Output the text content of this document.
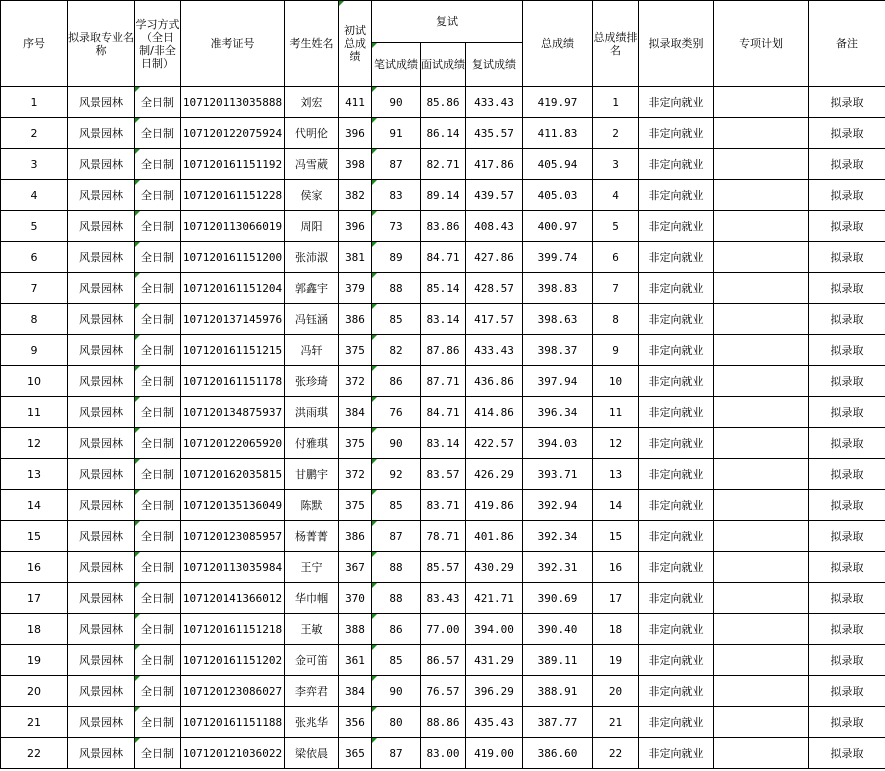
序号	拟录取专业名称	学习方式（全日制/非全日制）	准考证号	考生姓名	初试总成绩	复试			总成绩	总成绩排名	拟录取类别	专项计划	备注
						笔试成绩	面试成绩	复试成绩					
1	风景园林	全日制	107120113035888	刘宏	411	90	85.86	433.43	419.97	1	非定向就业		拟录取
2	风景园林	全日制	107120122075924	代明伦	396	91	86.14	435.57	411.83	2	非定向就业		拟录取
3	风景园林	全日制	107120161151192	冯雪葳	398	87	82.71	417.86	405.94	3	非定向就业		拟录取
4	风景园林	全日制	107120161151228	侯家	382	83	89.14	439.57	405.03	4	非定向就业		拟录取
5	风景园林	全日制	107120113066019	周阳	396	73	83.86	408.43	400.97	5	非定向就业		拟录取
6	风景园林	全日制	107120161151200	张沛淑	381	89	84.71	427.86	399.74	6	非定向就业		拟录取
7	风景园林	全日制	107120161151204	郭鑫宇	379	88	85.14	428.57	398.83	7	非定向就业		拟录取
8	风景园林	全日制	107120137145976	冯钰涵	386	85	83.14	417.57	398.63	8	非定向就业		拟录取
9	风景园林	全日制	107120161151215	冯轩	375	82	87.86	433.43	398.37	9	非定向就业		拟录取
10	风景园林	全日制	107120161151178	张珍琦	372	86	87.71	436.86	397.94	10	非定向就业		拟录取
11	风景园林	全日制	107120134875937	洪雨琪	384	76	84.71	414.86	396.34	11	非定向就业		拟录取
12	风景园林	全日制	107120122065920	付雅琪	375	90	83.14	422.57	394.03	12	非定向就业		拟录取
13	风景园林	全日制	107120162035815	甘鹏宇	372	92	83.57	426.29	393.71	13	非定向就业		拟录取
14	风景园林	全日制	107120135136049	陈默	375	85	83.71	419.86	392.94	14	非定向就业		拟录取
15	风景园林	全日制	107120123085957	杨菁菁	386	87	78.71	401.86	392.34	15	非定向就业		拟录取
16	风景园林	全日制	107120113035984	王宁	367	88	85.57	430.29	392.31	16	非定向就业		拟录取
17	风景园林	全日制	107120141366012	华巾帼	370	88	83.43	421.71	390.69	17	非定向就业		拟录取
18	风景园林	全日制	107120161151218	王敏	388	86	77.00	394.00	390.40	18	非定向就业		拟录取
19	风景园林	全日制	107120161151202	金可笛	361	85	86.57	431.29	389.11	19	非定向就业		拟录取
20	风景园林	全日制	107120123086027	李弈君	384	90	76.57	396.29	388.91	20	非定向就业		拟录取
21	风景园林	全日制	107120161151188	张兆华	356	80	88.86	435.43	387.77	21	非定向就业		拟录取
22	风景园林	全日制	107120121036022	梁依晨	365	87	83.00	419.00	386.60	22	非定向就业		拟录取
